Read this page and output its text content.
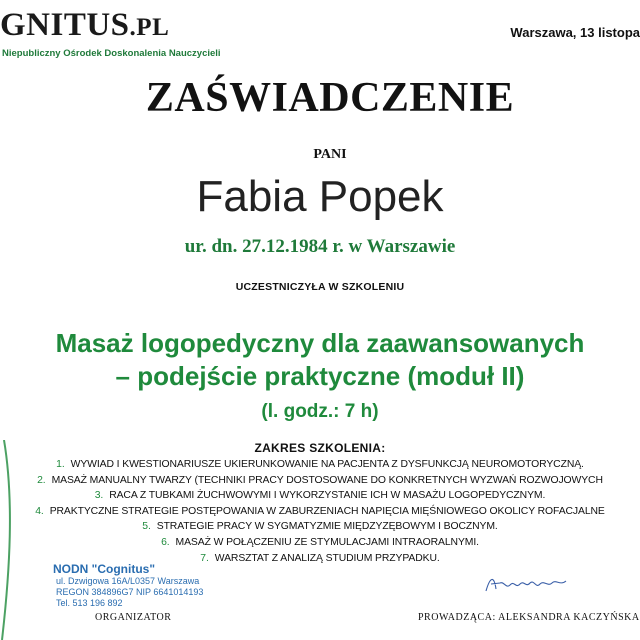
GNITUS.PL
Niepubliczny Ośrodek Doskonalenia Nauczycieli
Warszawa, 13 listopa
ZAŚWIADCZENIE
PANI
Fabia Popek
ur. dn. 27.12.1984 r. w Warszawie
UCZESTNICZYŁA W SZKOLENIU
Masaż logopedyczny dla zaawansowanych
– podejście praktyczne (moduł II)
(l. godz.: 7 h)
ZAKRES SZKOLENIA:
1. WYWIAD I KWESTIONARIUSZE UKIERUNKOWANIE NA PACJENTA Z DYSFUNKCJĄ NEUROMOTORYCZNĄ.
2. MASAŻ MANUALNY TWARZY (TECHNIKI PRACY DOSTOSOWANE DO KONKRETNYCH WYZWAŃ ROZWOJOWYCH
3. RACA Z TUBKAMI ŻUCHWOWYMI I WYKORZYSTANIE ICH W MASAŻU LOGOPEDYCZNYM.
4. PRAKTYCZNE STRATEGIE POSTĘPOWANIA W ZABURZENIACH NAPIĘCIA MIĘŚNIOWEGO OKOLICY ROFACJALNE
5. STRATEGIE PRACY W SYGMATYZMIE MIĘDZYZĘBOWYM I BOCZNYM.
6. MASAŻ W POŁĄCZENIU ZE STYMULACJAMI INTRAORALNYMI.
7. WARSZTAT Z ANALIZĄ STUDIUM PRZYPADKU.
NODN "Cognitus"
ul. Dzwigowa 16A/L0357 Warszawa
REGON 384896G7 NIP 6641014193
Tel. 513 196 892
ORGANIZATOR	PROWADZĄCA: ALEKSANDRA KACZYŃSKA
